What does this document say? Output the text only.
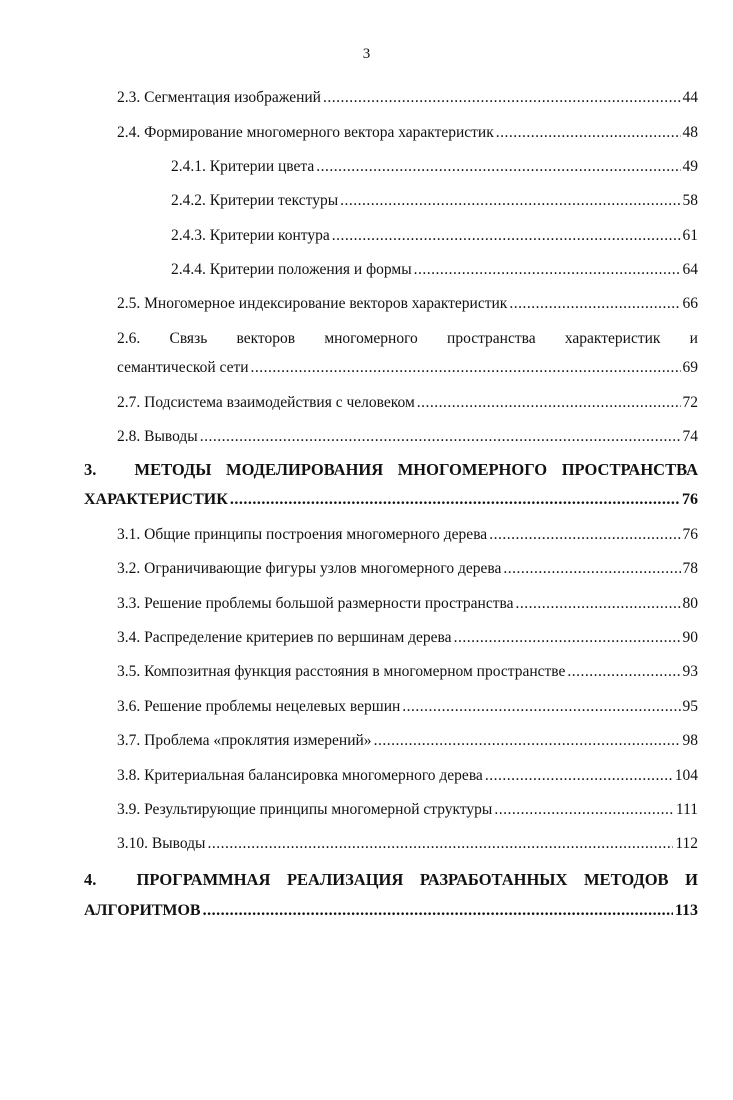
3
2.3. Сегментация изображений .....	44
2.4. Формирование многомерного вектора характеристик .....	48
2.4.1. Критерии цвета .....	49
2.4.2. Критерии текстуры .....	58
2.4.3. Критерии контура .....	61
2.4.4. Критерии положения и формы .....	64
2.5. Многомерное индексирование векторов характеристик .....	66
2.6. Связь векторов многомерного пространства характеристик и
семантической сети .....	69
2.7. Подсистема взаимодействия с человеком .....	72
2.8. Выводы .....	74
3.	МЕТОДЫ МОДЕЛИРОВАНИЯ МНОГОМЕРНОГО ПРОСТРАНСТВА
ХАРАКТЕРИСТИК .....	76
3.1. Общие принципы построения многомерного дерева .....	76
3.2. Ограничивающие фигуры узлов многомерного дерева .....	78
3.3. Решение проблемы большой размерности пространства .....	80
3.4. Распределение критериев по вершинам дерева .....	90
3.5. Композитная функция расстояния в многомерном пространстве .....	93
3.6. Решение проблемы нецелевых вершин .....	95
3.7. Проблема «проклятия измерений» .....	98
3.8. Критериальная балансировка многомерного дерева .....	104
3.9. Результирующие принципы многомерной структуры .....	111
3.10. Выводы .....	112
4.	ПРОГРАММНАЯ РЕАЛИЗАЦИЯ РАЗРАБОТАННЫХ МЕТОДОВ И
АЛГОРИТМОВ .....	113
